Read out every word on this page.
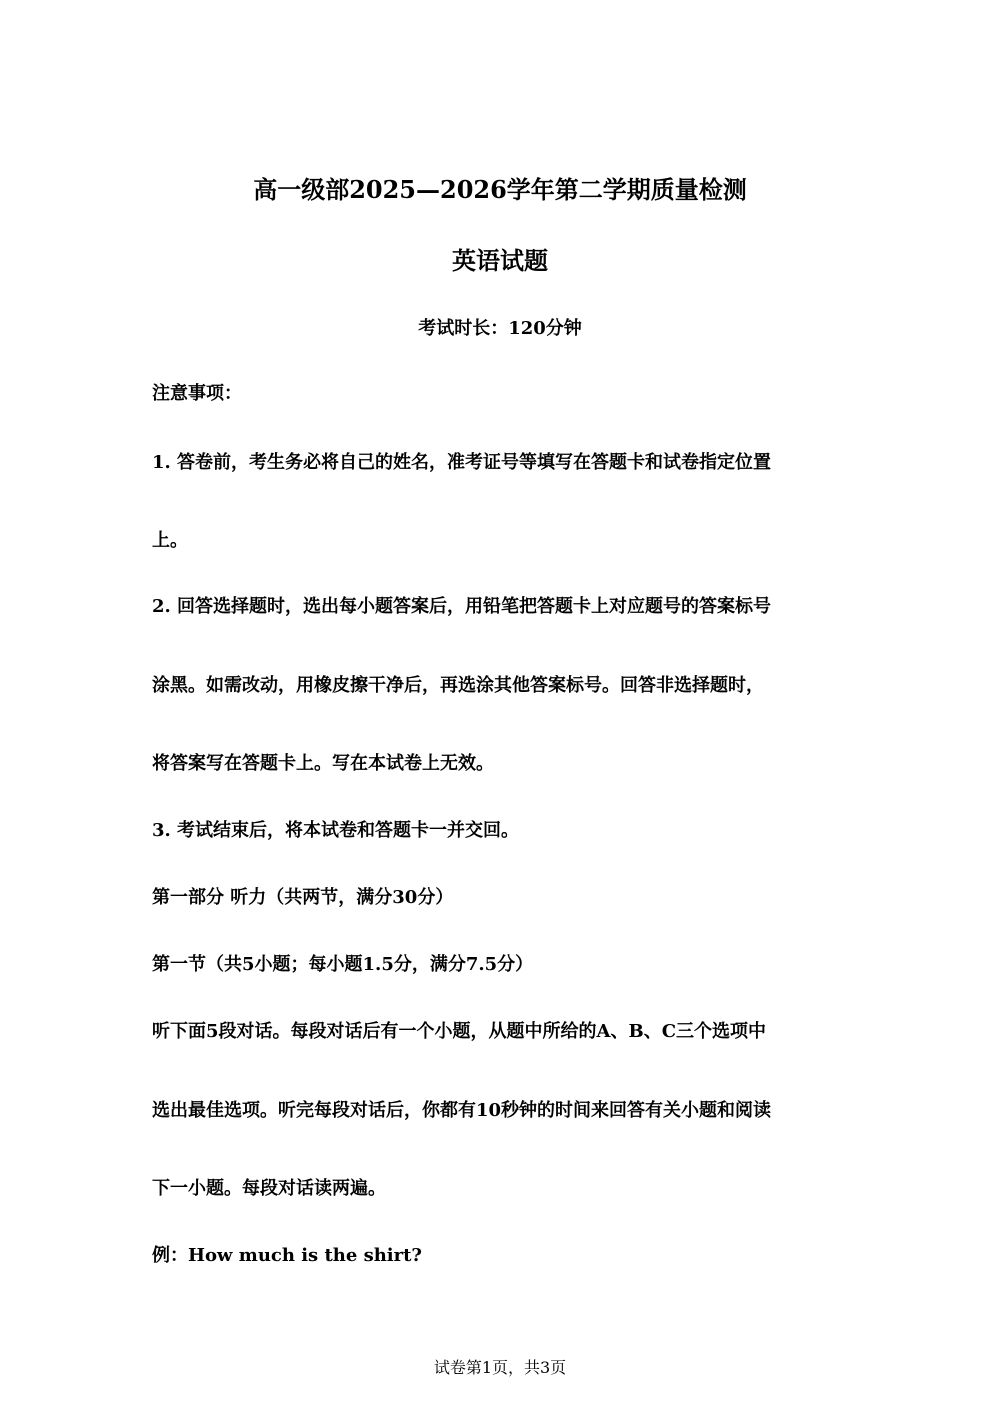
高一级部2025—2026学年第二学期质量检测
英语试题
考试时长：120分钟
注意事项：
1. 答卷前，考生务必将自己的姓名，准考证号等填写在答题卡和试卷指定位置
上。
2. 回答选择题时，选出每小题答案后，用铅笔把答题卡上对应题号的答案标号
涂黑。如需改动，用橡皮擦干净后，再选涂其他答案标号。回答非选择题时，
将答案写在答题卡上。写在本试卷上无效。
3. 考试结束后，将本试卷和答题卡一并交回。
第一部分 听力（共两节，满分30分）
第一节（共5小题；每小题1.5分，满分7.5分）
听下面5段对话。每段对话后有一个小题，从题中所给的A、B、C三个选项中
选出最佳选项。听完每段对话后，你都有10秒钟的时间来回答有关小题和阅读
下一小题。每段对话读两遍。
例：How much is the shirt?
试卷第1页，共3页
